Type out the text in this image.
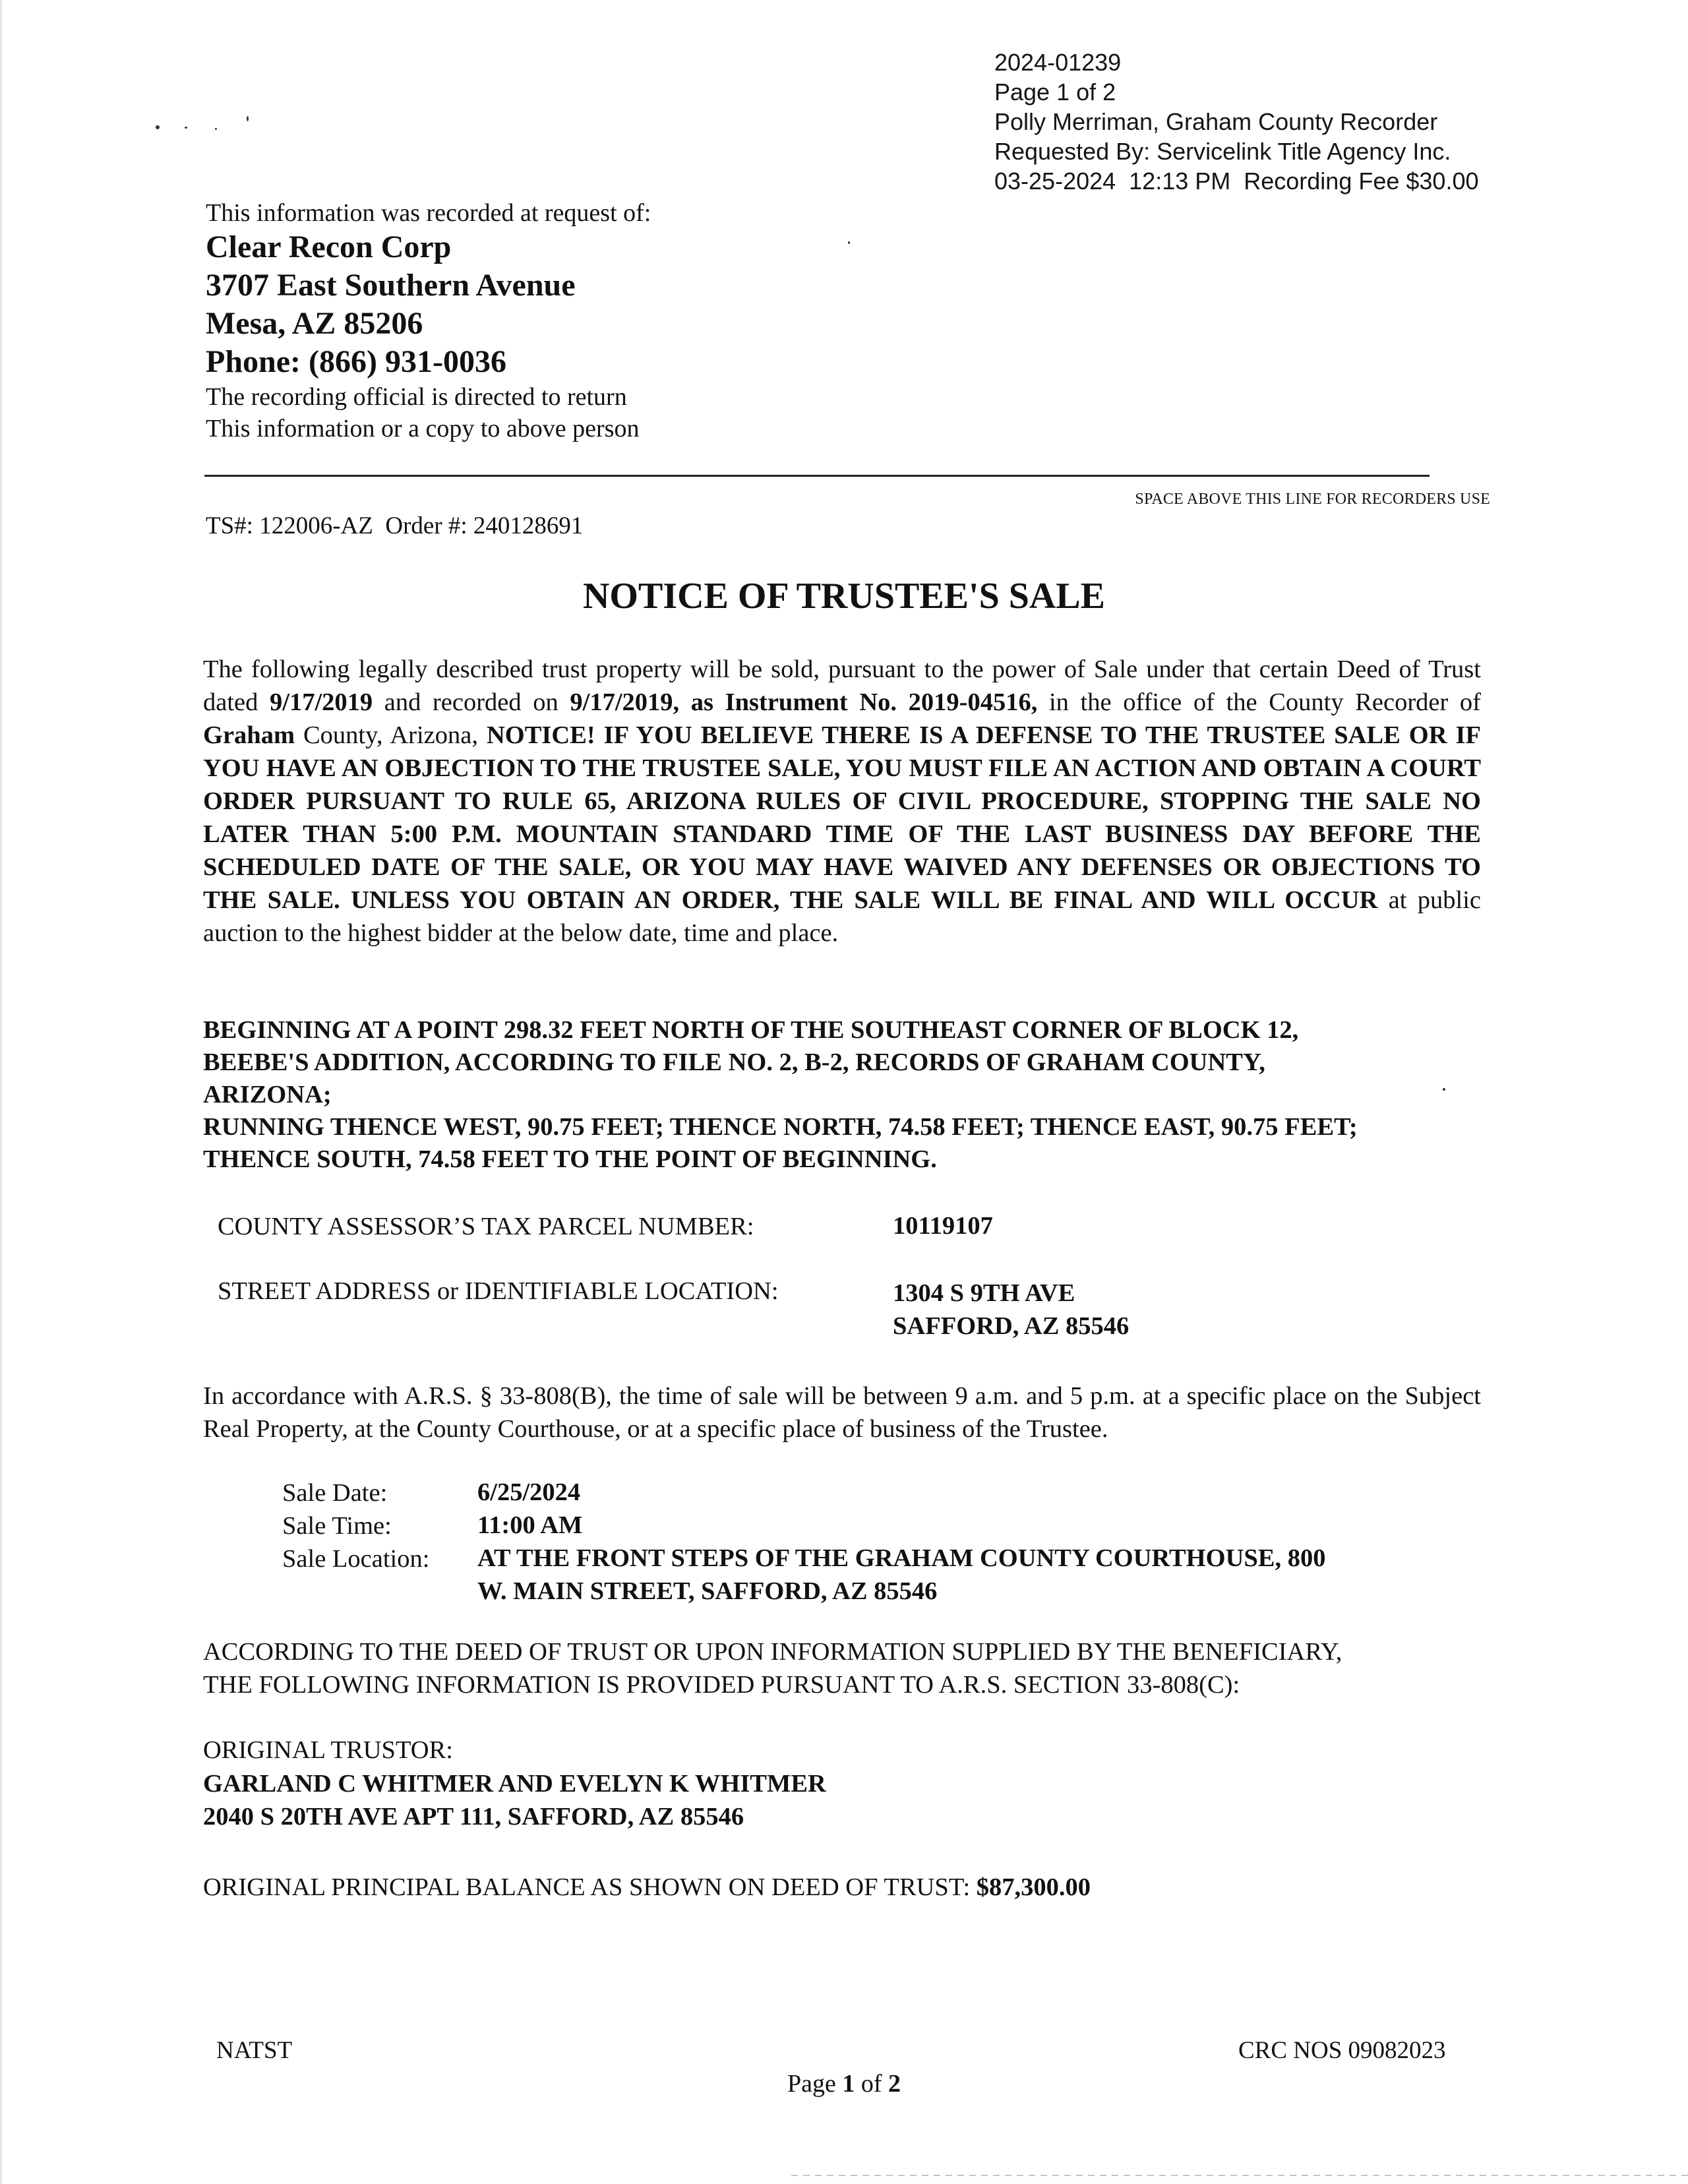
2024-01239
Page 1 of 2
Polly Merriman, Graham County Recorder
Requested By: Servicelink Title Agency Inc.
03-25-2024  12:13 PM  Recording Fee $30.00
This information was recorded at request of:
Clear Recon Corp
3707 East Southern Avenue
Mesa, AZ 85206
Phone: (866) 931-0036
The recording official is directed to return
This information or a copy to above person
SPACE ABOVE THIS LINE FOR RECORDERS USE
TS#: 122006-AZ  Order #: 240128691
NOTICE OF TRUSTEE'S SALE
The following legally described trust property will be sold, pursuant to the power of Sale under that certain Deed of Trust dated 9/17/2019 and recorded on 9/17/2019, as Instrument No. 2019-04516, in the office of the County Recorder of Graham County, Arizona, NOTICE! IF YOU BELIEVE THERE IS A DEFENSE TO THE TRUSTEE SALE OR IF YOU HAVE AN OBJECTION TO THE TRUSTEE SALE, YOU MUST FILE AN ACTION AND OBTAIN A COURT ORDER PURSUANT TO RULE 65, ARIZONA RULES OF CIVIL PROCEDURE, STOPPING THE SALE NO LATER THAN 5:00 P.M. MOUNTAIN STANDARD TIME OF THE LAST BUSINESS DAY BEFORE THE SCHEDULED DATE OF THE SALE, OR YOU MAY HAVE WAIVED ANY DEFENSES OR OBJECTIONS TO THE SALE. UNLESS YOU OBTAIN AN ORDER, THE SALE WILL BE FINAL AND WILL OCCUR at public auction to the highest bidder at the below date, time and place.
BEGINNING AT A POINT 298.32 FEET NORTH OF THE SOUTHEAST CORNER OF BLOCK 12,
BEEBE'S ADDITION, ACCORDING TO FILE NO. 2, B-2, RECORDS OF GRAHAM COUNTY,
ARIZONA;
RUNNING THENCE WEST, 90.75 FEET; THENCE NORTH, 74.58 FEET; THENCE EAST, 90.75 FEET;
THENCE SOUTH, 74.58 FEET TO THE POINT OF BEGINNING.
COUNTY ASSESSOR’S TAX PARCEL NUMBER:	10119107
STREET ADDRESS or IDENTIFIABLE LOCATION:	1304 S 9TH AVE
SAFFORD, AZ 85546
In accordance with A.R.S. § 33-808(B), the time of sale will be between 9 a.m. and 5 p.m. at a specific place on the Subject Real Property, at the County Courthouse, or at a specific place of business of the Trustee.
Sale Date:	6/25/2024
Sale Time:	11:00 AM
Sale Location: AT THE FRONT STEPS OF THE GRAHAM COUNTY COURTHOUSE, 800
W. MAIN STREET, SAFFORD, AZ 85546
ACCORDING TO THE DEED OF TRUST OR UPON INFORMATION SUPPLIED BY THE BENEFICIARY,
THE FOLLOWING INFORMATION IS PROVIDED PURSUANT TO A.R.S. SECTION 33-808(C):
ORIGINAL TRUSTOR:
GARLAND C WHITMER AND EVELYN K WHITMER
2040 S 20TH AVE APT 111, SAFFORD, AZ 85546
ORIGINAL PRINCIPAL BALANCE AS SHOWN ON DEED OF TRUST: $87,300.00
NATST	CRC NOS 09082023
Page 1 of 2
